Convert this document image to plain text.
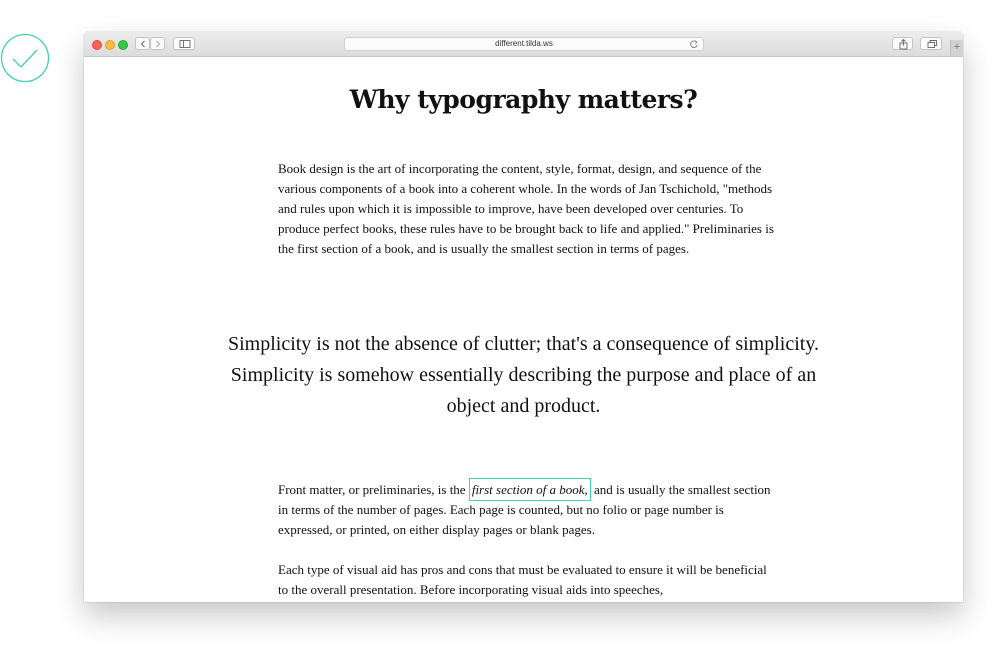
different.tilda.ws	+
Why typography matters?

Book design is the art of incorporating the content, style, format, design, and sequence of the various components of a book into a coherent whole. In the words of Jan Tschichold, "methods and rules upon which it is impossible to improve, have been developed over centuries. To produce perfect books, these rules have to be brought back to life and applied." Preliminaries is the first section of a book, and is usually the smallest section in terms of pages.

Simplicity is not the absence of clutter; that's a consequence of simplicity. Simplicity is somehow essentially describing the purpose and place of an object and product.

Front matter, or preliminaries, is the first section of a book, and is usually the smallest section in terms of the number of pages. Each page is counted, but no folio or page number is expressed, or printed, on either display pages or blank pages.

Each type of visual aid has pros and cons that must be evaluated to ensure it will be beneficial to the overall presentation. Before incorporating visual aids into speeches,
